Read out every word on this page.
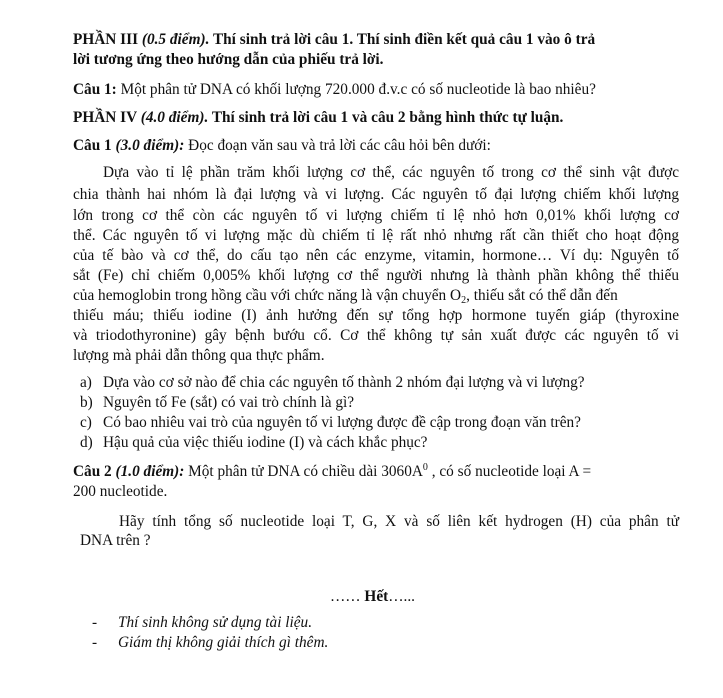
PHẦN III (0.5 điểm). Thí sinh trả lời câu 1. Thí sinh điền kết quả câu 1 vào ô trả
lời tương ứng theo hướng dẫn của phiếu trả lời.
Câu 1: Một phân tử DNA có khối lượng 720.000 đ.v.c có số nucleotide là bao nhiêu?
PHẦN IV (4.0 điểm). Thí sinh trả lời câu 1 và câu 2 bằng hình thức tự luận.
Câu 1 (3.0 điểm): Đọc đoạn văn sau và trả lời các câu hỏi bên dưới:
Dựa vào tỉ lệ phần trăm khối lượng cơ thể, các nguyên tố trong cơ thể sinh vật được
chia thành hai nhóm là đại lượng và vi lượng. Các nguyên tố đại lượng chiếm khối lượng
lớn trong cơ thể còn các nguyên tố vi lượng chiếm tỉ lệ nhỏ hơn 0,01% khối lượng cơ
thể. Các nguyên tố vi lượng mặc dù chiếm tỉ lệ rất nhỏ nhưng rất cần thiết cho hoạt động
của tế bào và cơ thể, do cấu tạo nên các enzyme, vitamin, hormone… Ví dụ: Nguyên tố
sắt (Fe) chỉ chiếm 0,005% khối lượng cơ thể người nhưng là thành phần không thể thiếu
của hemoglobin trong hồng cầu với chức năng là vận chuyển $O_2$, thiếu sắt có thể dẫn đến
thiếu máu; thiếu iodine (I) ảnh hưởng đến sự tổng hợp hormone tuyến giáp (thyroxine
và triodothyronine) gây bệnh bướu cổ. Cơ thể không tự sản xuất được các nguyên tố vi
lượng mà phải dẫn thông qua thực phẩm.
a) Dựa vào cơ sở nào để chia các nguyên tố thành 2 nhóm đại lượng và vi lượng?
b) Nguyên tố Fe (sắt) có vai trò chính là gì?
c) Có bao nhiêu vai trò của nguyên tố vi lượng được đề cập trong đoạn văn trên?
d) Hậu quả của việc thiếu iodine (I) và cách khắc phục?
Câu 2 (1.0 điểm): Một phân tử DNA có chiều dài $3060A^0$ , có số nucleotide loại A =
200 nucleotide.
Hãy tính tổng số nucleotide loại T, G, X và số liên kết hydrogen (H) của phân tử
DNA trên ?
…… Hết…...
- Thí sinh không sử dụng tài liệu.
- Giám thị không giải thích gì thêm.
